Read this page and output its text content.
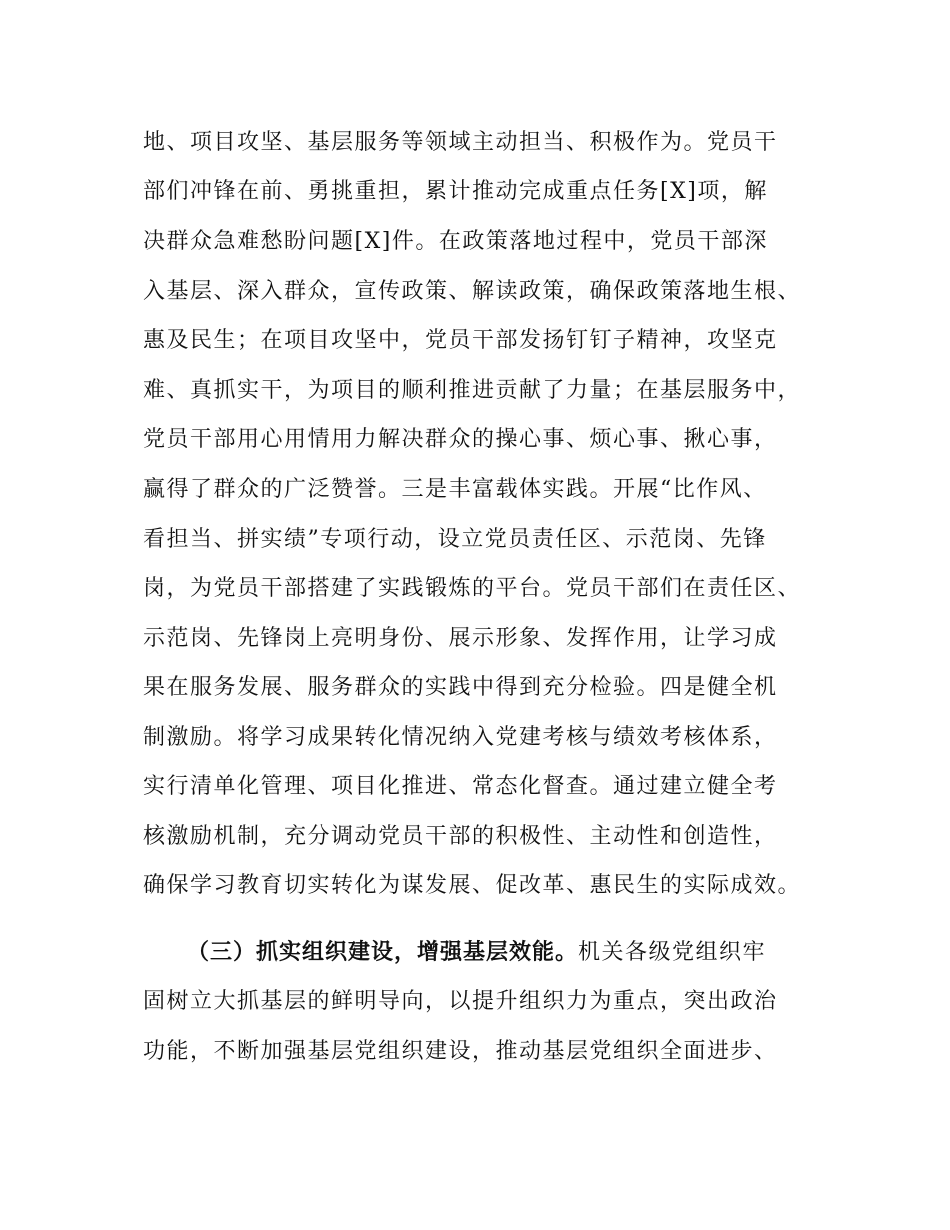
地、项目攻坚、基层服务等领域主动担当、积极作为。党员干
部们冲锋在前、勇挑重担，累计推动完成重点任务[X]项，解
决群众急难愁盼问题[X]件。在政策落地过程中，党员干部深
入基层、深入群众，宣传政策、解读政策，确保政策落地生根、
惠及民生；在项目攻坚中，党员干部发扬钉钉子精神，攻坚克
难、真抓实干，为项目的顺利推进贡献了力量；在基层服务中，
党员干部用心用情用力解决群众的操心事、烦心事、揪心事，
赢得了群众的广泛赞誉。三是丰富载体实践。开展“比作风、
看担当、拼实绩”专项行动，设立党员责任区、示范岗、先锋
岗，为党员干部搭建了实践锻炼的平台。党员干部们在责任区、
示范岗、先锋岗上亮明身份、展示形象、发挥作用，让学习成
果在服务发展、服务群众的实践中得到充分检验。四是健全机
制激励。将学习成果转化情况纳入党建考核与绩效考核体系，
实行清单化管理、项目化推进、常态化督查。通过建立健全考
核激励机制，充分调动党员干部的积极性、主动性和创造性，
确保学习教育切实转化为谋发展、促改革、惠民生的实际成效。
（三）抓实组织建设，增强基层效能。机关各级党组织牢
固树立大抓基层的鲜明导向，以提升组织力为重点，突出政治
功能，不断加强基层党组织建设，推动基层党组织全面进步、
